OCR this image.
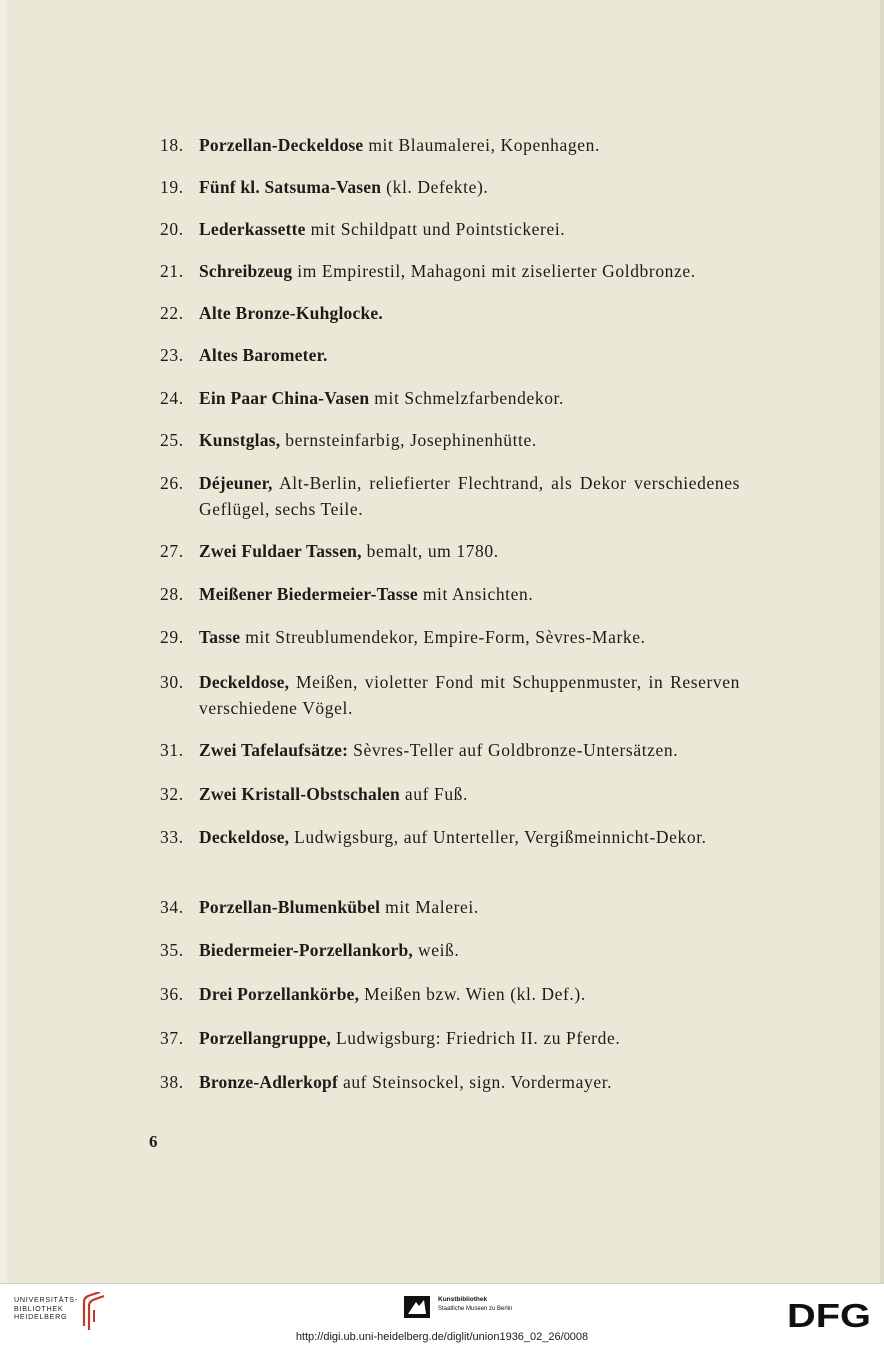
18. Porzellan-Deckeldose mit Blaumalerei, Kopenhagen.
19. Fünf kl. Satsuma-Vasen (kl. Defekte).
20. Lederkassette mit Schildpatt und Pointstickerei.
21. Schreibzeug im Empirestil, Mahagoni mit ziselierter Goldbronze.
22. Alte Bronze-Kuhglocke.
23. Altes Barometer.
24. Ein Paar China-Vasen mit Schmelzfarbendekor.
25. Kunstglas, bernsteinfarbig, Josephinenhütte.
26. Déjeuner, Alt-Berlin, reliefierter Flechtrand, als Dekor verschiedenes Geflügel, sechs Teile.
27. Zwei Fuldaer Tassen, bemalt, um 1780.
28. Meißener Biedermeier-Tasse mit Ansichten.
29. Tasse mit Streublumendekor, Empire-Form, Sèvres-Marke.
30. Deckeldose, Meißen, violetter Fond mit Schuppenmuster, in Reserven verschiedene Vögel.
31. Zwei Tafelaufsätze: Sèvres-Teller auf Goldbronze-Untersätzen.
32. Zwei Kristall-Obstschalen auf Fuß.
33. Deckeldose, Ludwigsburg, auf Unterteller, Vergißmeinnicht-Dekor.
34. Porzellan-Blumenkübel mit Malerei.
35. Biedermeier-Porzellankorb, weiß.
36. Drei Porzellankörbe, Meißen bzw. Wien (kl. Def.).
37. Porzellangruppe, Ludwigsburg: Friedrich II. zu Pferde.
38. Bronze-Adlerkopf auf Steinsockel, sign. Vordermayer.
6
UNIVERSITÄTS-
BIBLIOTHEK
HEIDELBERG
Kunstbibliothek
Staatliche Museen zu Berlin	DFG
http://digi.ub.uni-heidelberg.de/diglit/union1936_02_26/0008
